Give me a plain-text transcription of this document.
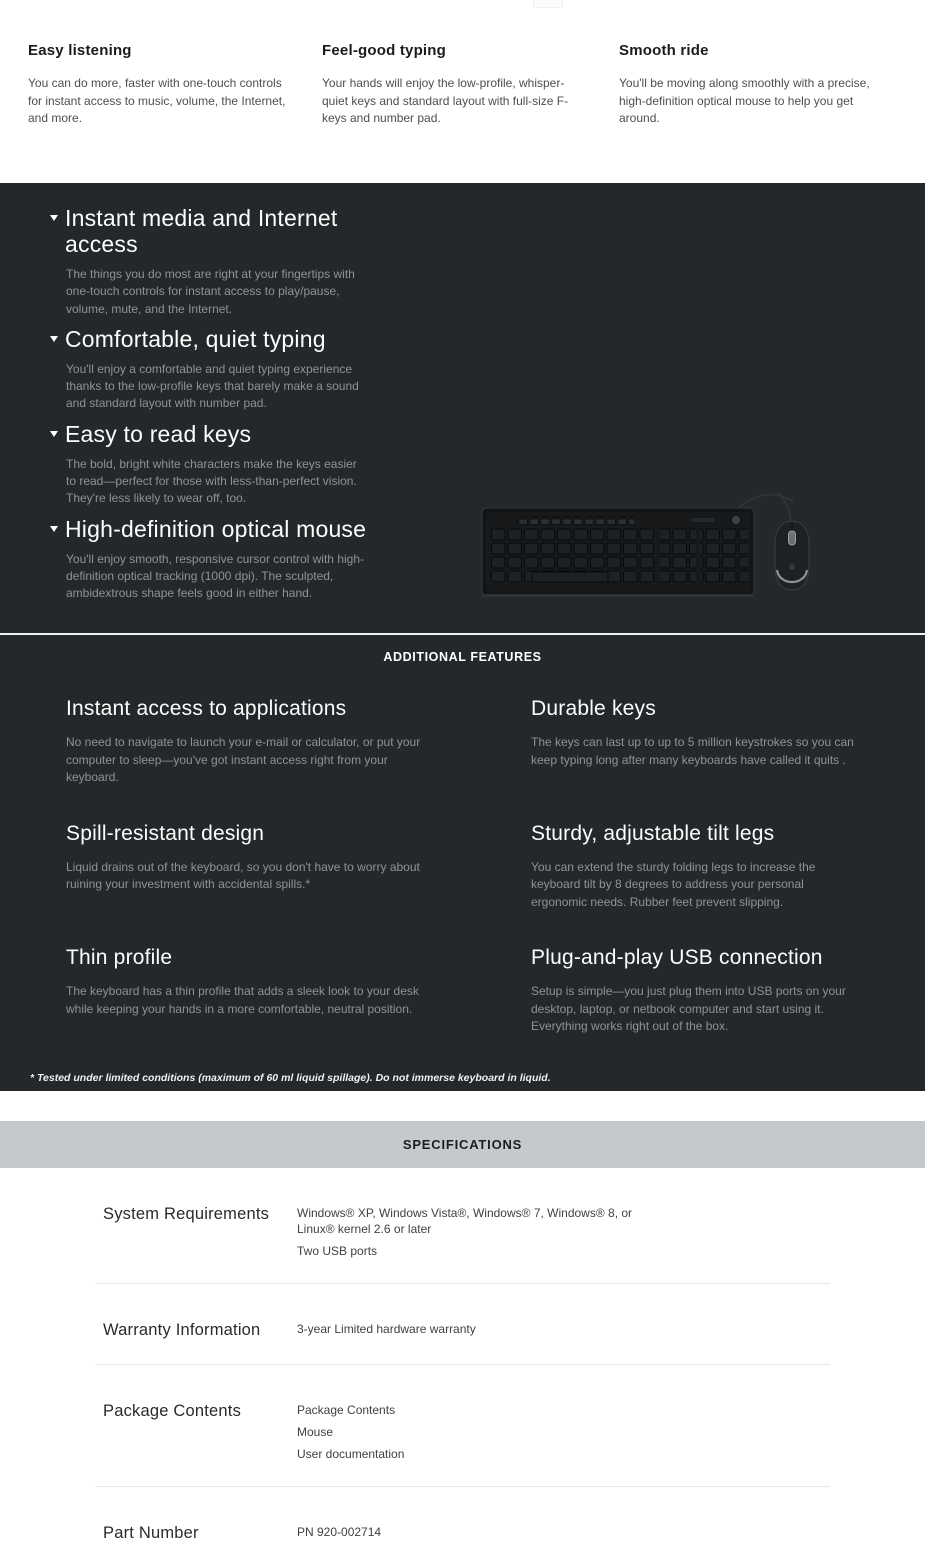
Easy listening

You can do more, faster with one-touch controls for instant access to music, volume, the Internet, and more.

Feel-good typing

Your hands will enjoy the low-profile, whisper-quiet keys and standard layout with full-size F-keys and number pad.

Smooth ride

You'll be moving along smoothly with a precise, high-definition optical mouse to help you get around.

Instant media and Internet access

The things you do most are right at your fingertips with one-touch controls for instant access to play/pause, volume, mute, and the Internet.

Comfortable, quiet typing

You'll enjoy a comfortable and quiet typing experience thanks to the low-profile keys that barely make a sound and standard layout with number pad.

Easy to read keys

The bold, bright white characters make the keys easier to read—perfect for those with less-than-perfect vision. They're less likely to wear off, too.

High-definition optical mouse

You'll enjoy smooth, responsive cursor control with high-definition optical tracking (1000 dpi). The sculpted, ambidextrous shape feels good in either hand.

ADDITIONAL FEATURES
Instant access to applications

No need to navigate to launch your e-mail or calculator, or put your computer to sleep—you've got instant access right from your keyboard.

Durable keys

The keys can last up to up to 5 million keystrokes so you can keep typing long after many keyboards have called it quits .

Spill-resistant design

Liquid drains out of the keyboard, so you don't have to worry about ruining your investment with accidental spills.*

Sturdy, adjustable tilt legs

You can extend the sturdy folding legs to increase the keyboard tilt by 8 degrees to address your personal ergonomic needs. Rubber feet prevent slipping.

Thin profile

The keyboard has a thin profile that adds a sleek look to your desk while keeping your hands in a more comfortable, neutral position.

Plug-and-play USB connection

Setup is simple—you just plug them into USB ports on your desktop, laptop, or netbook computer and start using it. Everything works right out of the box.

* Tested under limited conditions (maximum of 60 ml liquid spillage). Do not immerse keyboard in liquid.

SPECIFICATIONS
System Requirements	Windows® XP, Windows Vista®, Windows® 7, Windows® 8, or Linux® kernel 2.6 or later

Two USB ports

Warranty Information	3-year Limited hardware warranty

Package Contents	Package Contents

Mouse

User documentation

Part Number	PN 920-002714
